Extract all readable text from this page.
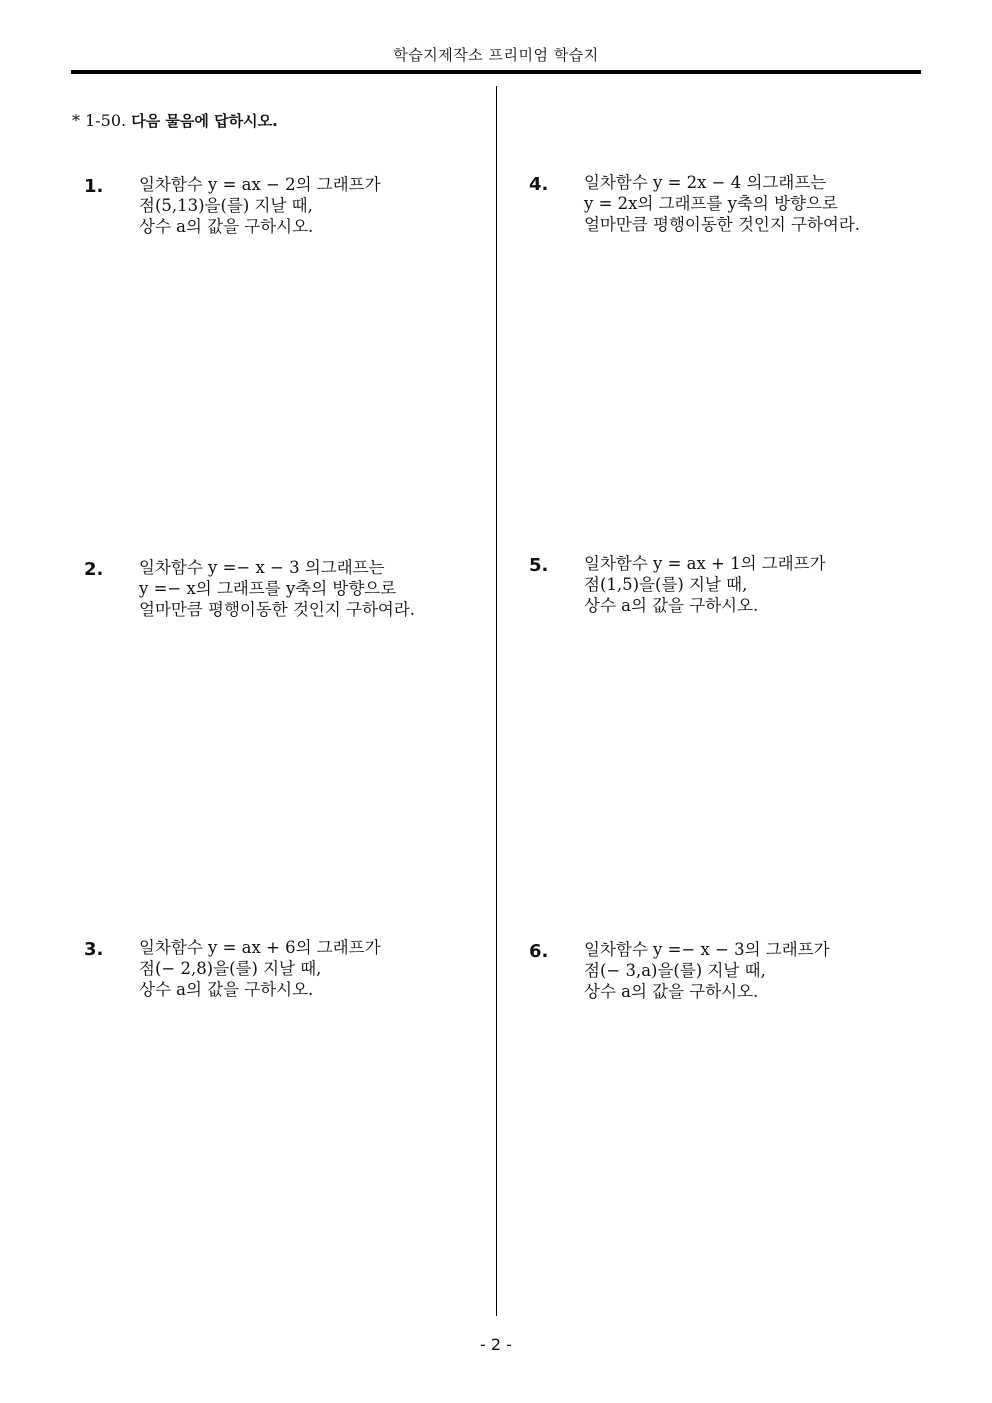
학습지제작소 프리미엄 학습지
* 1-50. 다음 물음에 답하시오.
1. 일차함수 y = ax − 2의 그래프가
점(5,13)을(를) 지날 때,
상수 a의 값을 구하시오.
2. 일차함수 y =− x − 3 의그래프는
y =− x의 그래프를 y축의 방향으로
얼마만큼 평행이동한 것인지 구하여라.
3. 일차함수 y = ax + 6의 그래프가
점(− 2,8)을(를) 지날 때,
상수 a의 값을 구하시오.
4. 일차함수 y = 2x − 4 의그래프는
y = 2x의 그래프를 y축의 방향으로
얼마만큼 평행이동한 것인지 구하여라.
5. 일차함수 y = ax + 1의 그래프가
점(1,5)을(를) 지날 때,
상수 a의 값을 구하시오.
6. 일차함수 y =− x − 3의 그래프가
점(− 3,a)을(를) 지날 때,
상수 a의 값을 구하시오.
- 2 -
